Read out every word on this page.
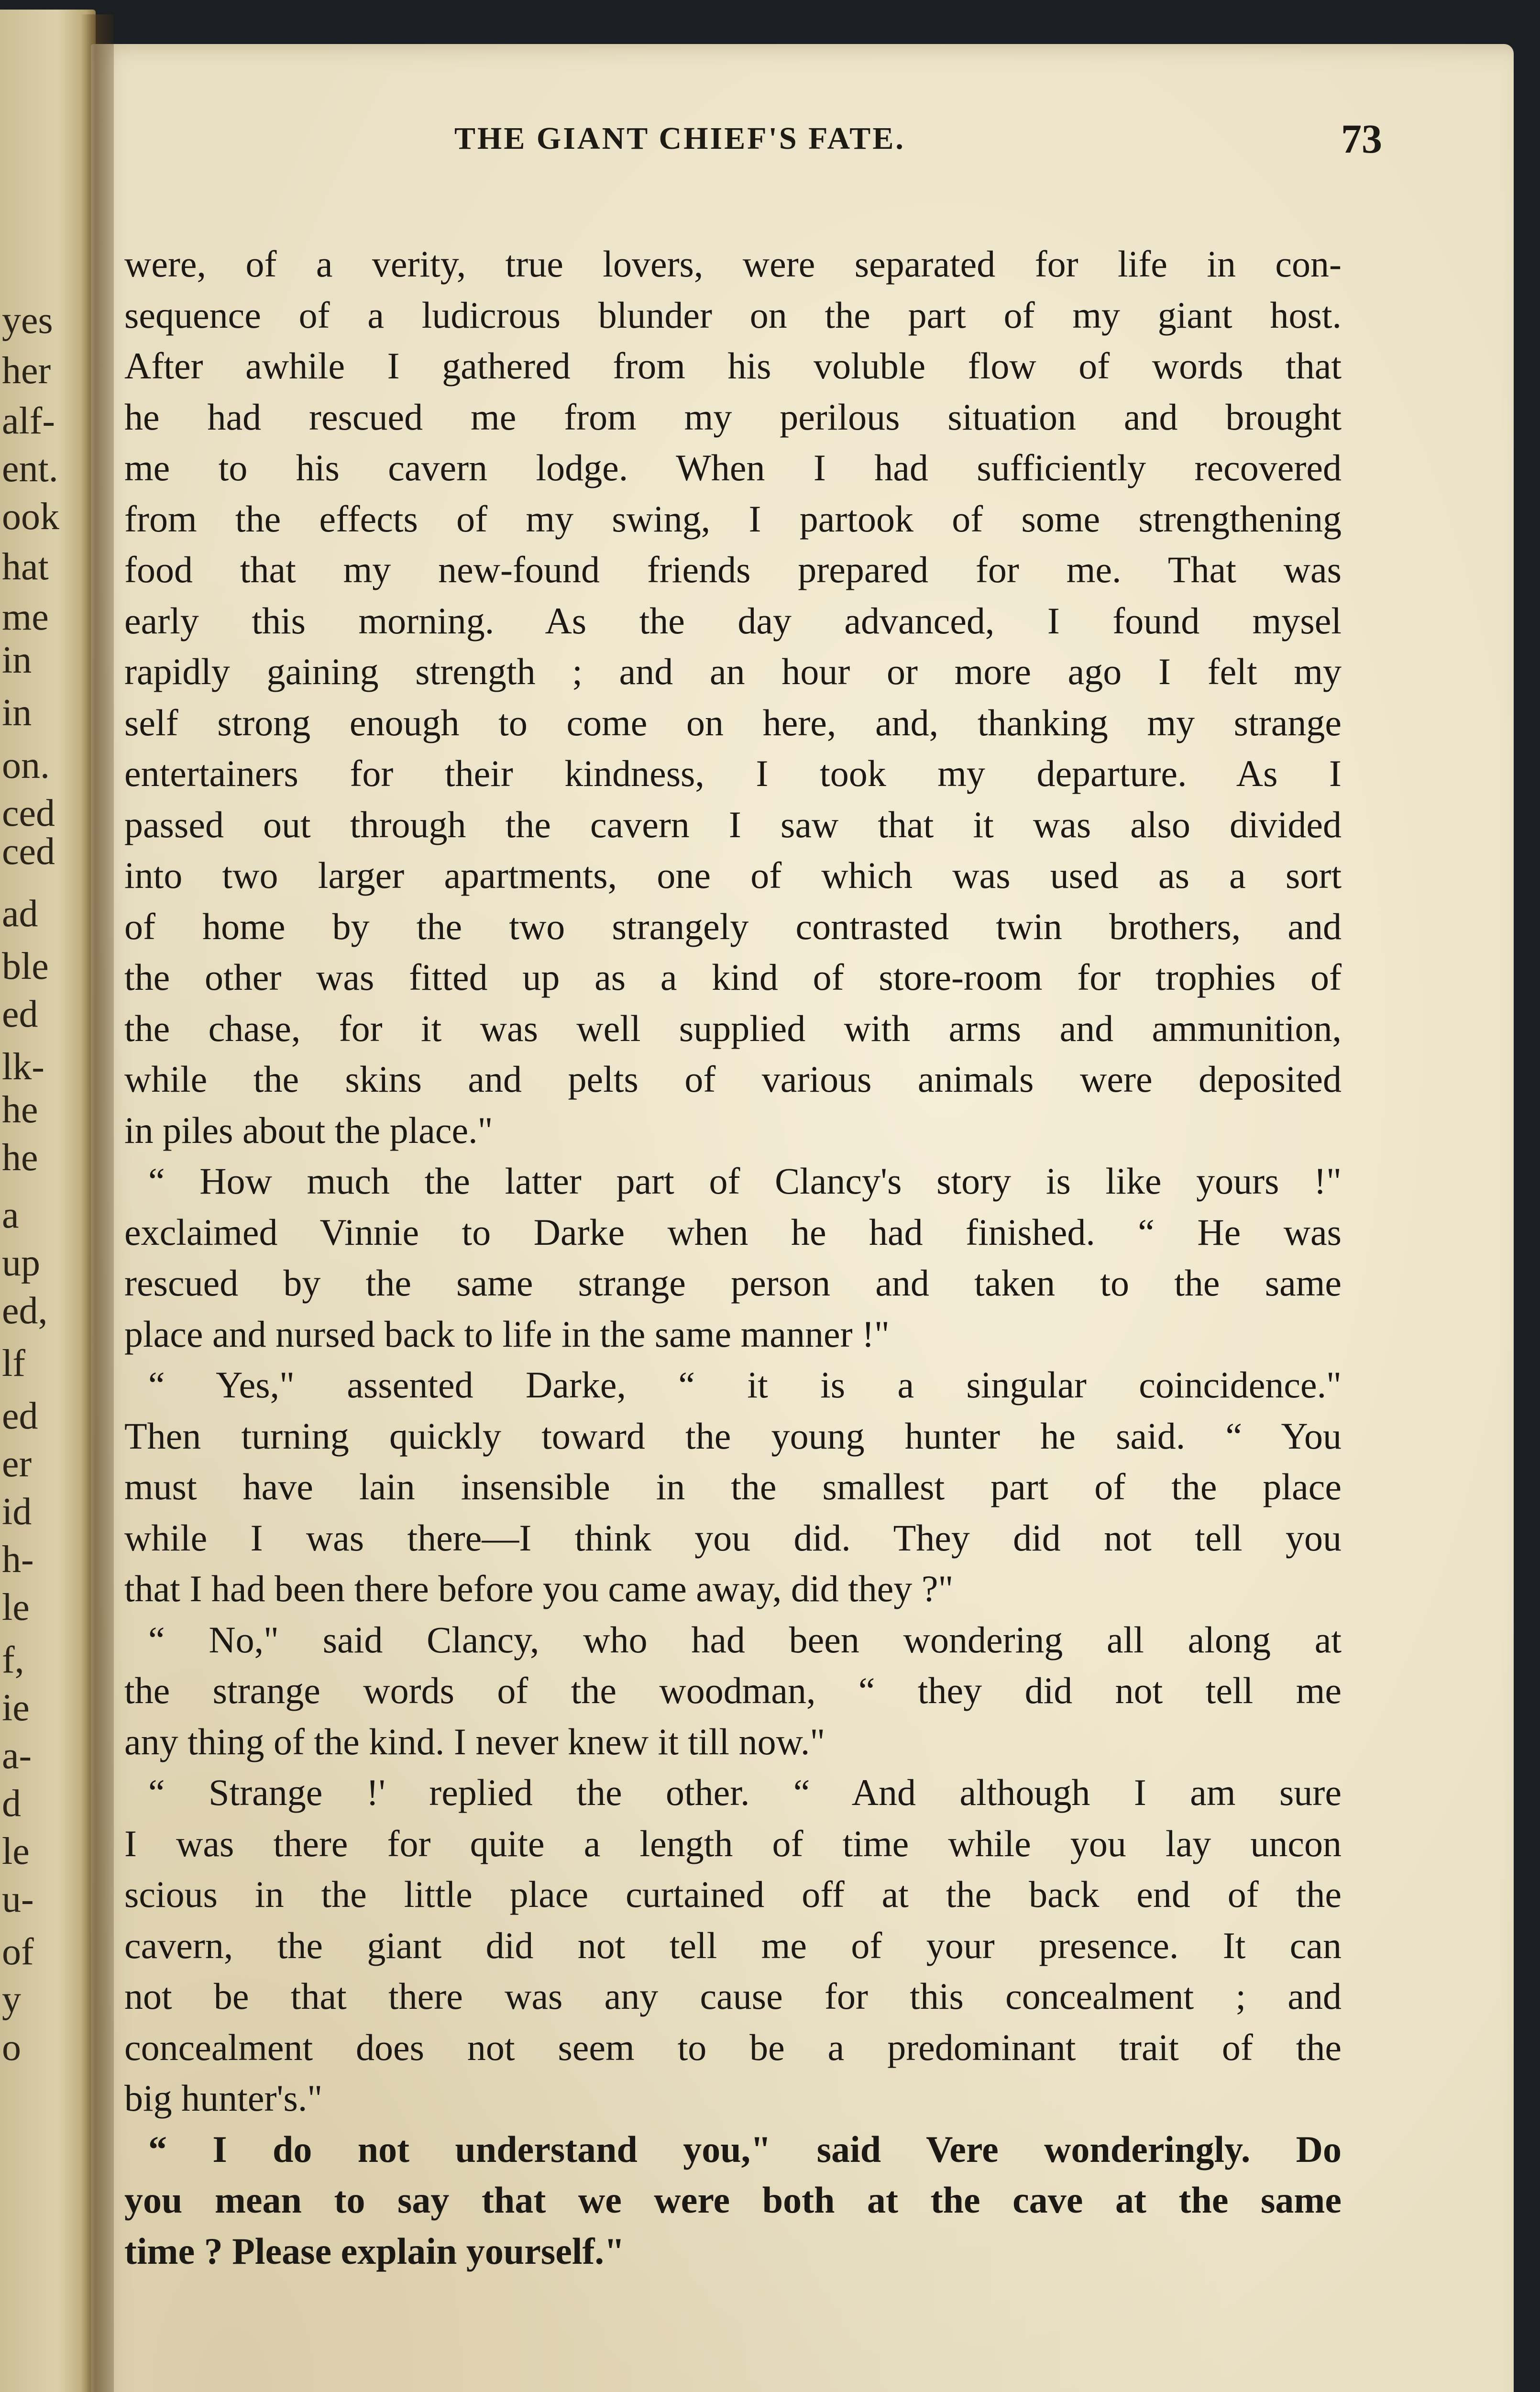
yes
her
alf-
ent.
ook
hat
me
in
in
on.
ced
ced
ad
ble
ed
lk-
he
he
a
up
ed,
lf
ed
er
id
h-
le
f,
ie
a-
d
le
u-
of
y
o
THE GIANT CHIEF'S FATE.	73
were, of a verity, true lovers, were separated for life in con-
sequence of a ludicrous blunder on the part of my giant host.
After awhile I gathered from his voluble flow of words that
he had rescued me from my perilous situation and brought
me to his cavern lodge. When I had sufficiently recovered
from the effects of my swing, I partook of some strengthening
food that my new-found friends prepared for me. That was
early this morning. As the day advanced, I found mysel
rapidly gaining strength ; and an hour or more ago I felt my
self strong enough to come on here, and, thanking my strange
entertainers for their kindness, I took my departure. As I
passed out through the cavern I saw that it was also divided
into two larger apartments, one of which was used as a sort
of home by the two strangely contrasted twin brothers, and
the other was fitted up as a kind of store-room for trophies of
the chase, for it was well supplied with arms and ammunition,
while the skins and pelts of various animals were deposited
in piles about the place."
“ How much the latter part of Clancy's story is like yours !"
exclaimed Vinnie to Darke when he had finished. “ He was
rescued by the same strange person and taken to the same
place and nursed back to life in the same manner !"
“ Yes," assented Darke, “ it is a singular coincidence."
Then turning quickly toward the young hunter he said. “ You
must have lain insensible in the smallest part of the place
while I was there—I think you did. They did not tell you
that I had been there before you came away, did they ?"
“ No," said Clancy, who had been wondering all along at
the strange words of the woodman, “ they did not tell me
any thing of the kind. I never knew it till now."
“ Strange !' replied the other. “ And although I am sure
I was there for quite a length of time while you lay uncon
scious in the little place curtained off at the back end of the
cavern, the giant did not tell me of your presence. It can
not be that there was any cause for this concealment ; and
concealment does not seem to be a predominant trait of the
big hunter's."
“ I do not understand you," said Vere wonderingly. Do
you mean to say that we were both at the cave at the same
time ? Please explain yourself."
